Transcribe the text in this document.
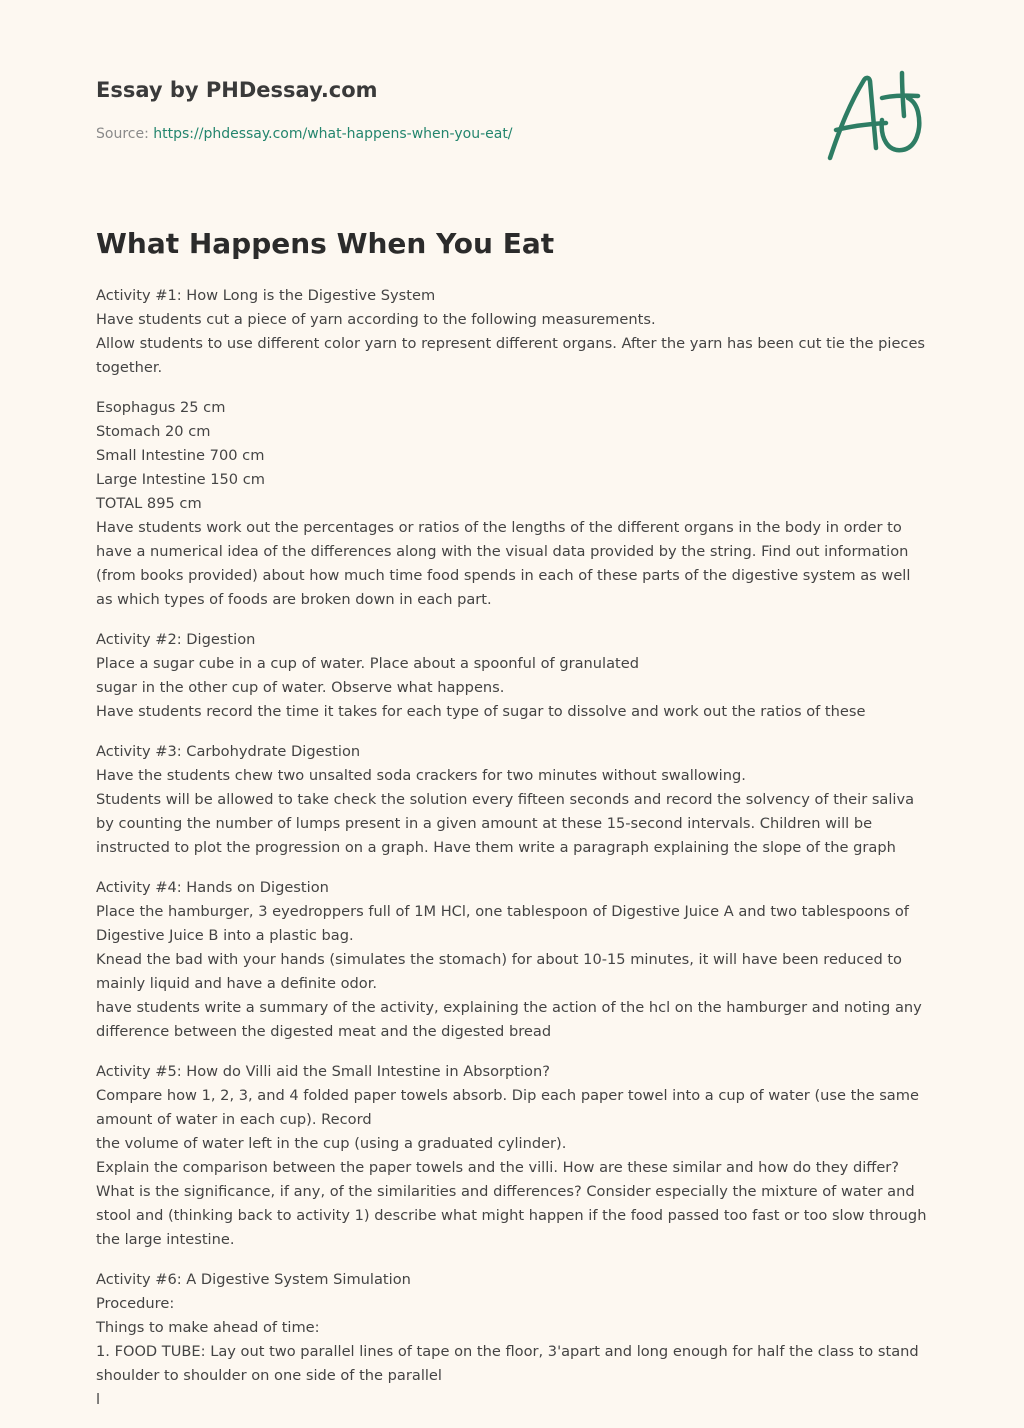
Essay by PHDessay.com
Source: https://phdessay.com/what-happens-when-you-eat/
What Happens When You Eat

Activity #1: How Long is the Digestive System
Have students cut a piece of yarn according to the following measurements.
Allow students to use different color yarn to represent different organs. After the yarn has been cut tie the pieces together.

Esophagus 25 cm
Stomach 20 cm
Small Intestine 700 cm
Large Intestine 150 cm
TOTAL 895 cm
Have students work out the percentages or ratios of the lengths of the different organs in the body in order to have a numerical idea of the differences along with the visual data provided by the string. Find out information (from books provided) about how much time food spends in each of these parts of the digestive system as well as which types of foods are broken down in each part.

Activity #2: Digestion
Place a sugar cube in a cup of water. Place about a spoonful of granulated
sugar in the other cup of water. Observe what happens.
Have students record the time it takes for each type of sugar to dissolve and work out the ratios of these

Activity #3: Carbohydrate Digestion
Have the students chew two unsalted soda crackers for two minutes without swallowing.
Students will be allowed to take check the solution every fifteen seconds and record the solvency of their saliva by counting the number of lumps present in a given amount at these 15-second intervals. Children will be instructed to plot the progression on a graph. Have them write a paragraph explaining the slope of the graph

Activity #4: Hands on Digestion
Place the hamburger, 3 eyedroppers full of 1M HCl, one tablespoon of Digestive Juice A and two tablespoons of Digestive Juice B into a plastic bag.
Knead the bad with your hands (simulates the stomach) for about 10-15 minutes, it will have been reduced to mainly liquid and have a definite odor.
have students write a summary of the activity, explaining the action of the hcl on the hamburger and noting any difference between the digested meat and the digested bread

Activity #5: How do Villi aid the Small Intestine in Absorption?
Compare how 1, 2, 3, and 4 folded paper towels absorb. Dip each paper towel into a cup of water (use the same amount of water in each cup). Record
the volume of water left in the cup (using a graduated cylinder).
Explain the comparison between the paper towels and the villi. How are these similar and how do they differ? What is the significance, if any, of the similarities and differences? Consider especially the mixture of water and stool and (thinking back to activity 1) describe what might happen if the food passed too fast or too slow through the large intestine.

Activity #6: A Digestive System Simulation
Procedure:
Things to make ahead of time:
1. FOOD TUBE: Lay out two parallel lines of tape on the floor, 3'apart and long enough for half the class to stand shoulder to shoulder on one side of the parallel
l
